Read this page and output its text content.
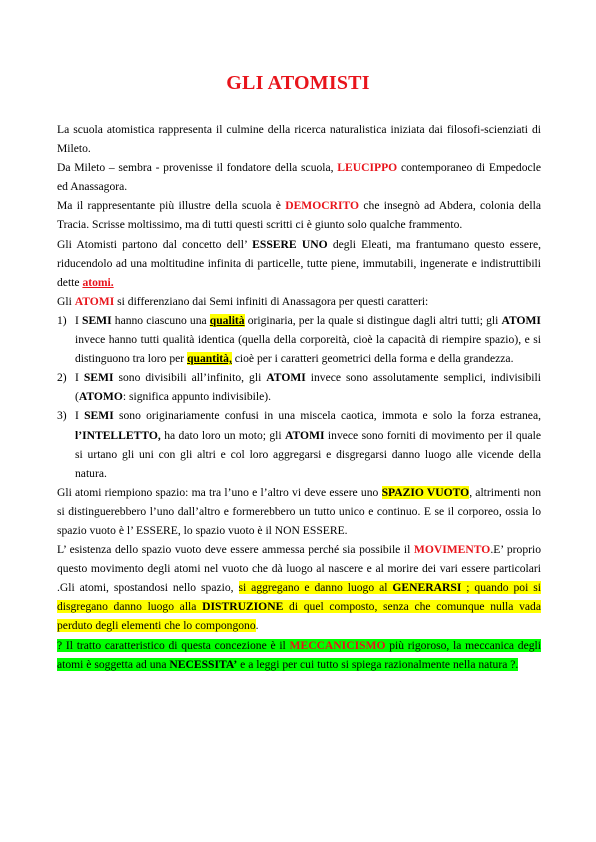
GLI ATOMISTI

La scuola atomistica rappresenta il culmine della ricerca naturalistica iniziata dai filosofi-scienziati di Mileto.

Da Mileto – sembra - provenisse il fondatore della scuola, LEUCIPPO contemporaneo di Empedocle ed Anassagora.

Ma il rappresentante più illustre della scuola è DEMOCRITO che insegnò ad Abdera, colonia della Tracia. Scrisse moltissimo, ma di tutti questi scritti ci è giunto solo qualche frammento.

Gli Atomisti partono dal concetto dell’ ESSERE UNO degli Eleati, ma frantumano questo essere, riducendolo ad una moltitudine infinita di particelle, tutte piene, immutabili, ingenerate e indistruttibili dette atomi.

Gli ATOMI si differenziano dai Semi infiniti di Anassagora per questi caratteri:

1) I SEMI hanno ciascuno una qualità originaria, per la quale si distingue dagli altri tutti; gli ATOMI invece hanno tutti qualità identica (quella della corporeità, cioè la capacità di riempire spazio), e si distinguono tra loro per quantità, cioè per i caratteri geometrici della forma e della grandezza.
2) I SEMI sono divisibili all’infinito, gli ATOMI invece sono assolutamente semplici, indivisibili (ATOMO: significa appunto indivisibile).
3) I SEMI sono originariamente confusi in una miscela caotica, immota e solo la forza estranea, l’INTELLETTO, ha dato loro un moto; gli ATOMI invece sono forniti di movimento per il quale si urtano gli uni con gli altri e col loro aggregarsi e disgregarsi danno luogo alle vicende della natura.

Gli atomi riempiono spazio: ma tra l’uno e l’altro vi deve essere uno SPAZIO VUOTO, altrimenti non si distinguerebbero l’uno dall’altro e formerebbero un tutto unico e continuo. E se il corporeo, ossia lo spazio vuoto è l’ ESSERE, lo spazio vuoto è il NON ESSERE.

L’ esistenza dello spazio vuoto deve essere ammessa perché sia possibile il MOVIMENTO.E’ proprio questo movimento degli atomi nel vuoto che dà luogo al nascere e al morire dei vari essere particolari .Gli atomi, spostandosi nello spazio, si aggregano e danno luogo al GENERARSI ; quando poi si disgregano danno luogo alla DISTRUZIONE di quel composto, senza che comunque nulla vada perduto degli elementi che lo compongono.

? Il tratto caratteristico di questa concezione è il MECCANICISMO più rigoroso, la meccanica degli atomi è soggetta ad una NECESSITA’ e a leggi per cui tutto si spiega razionalmente nella natura ?.
